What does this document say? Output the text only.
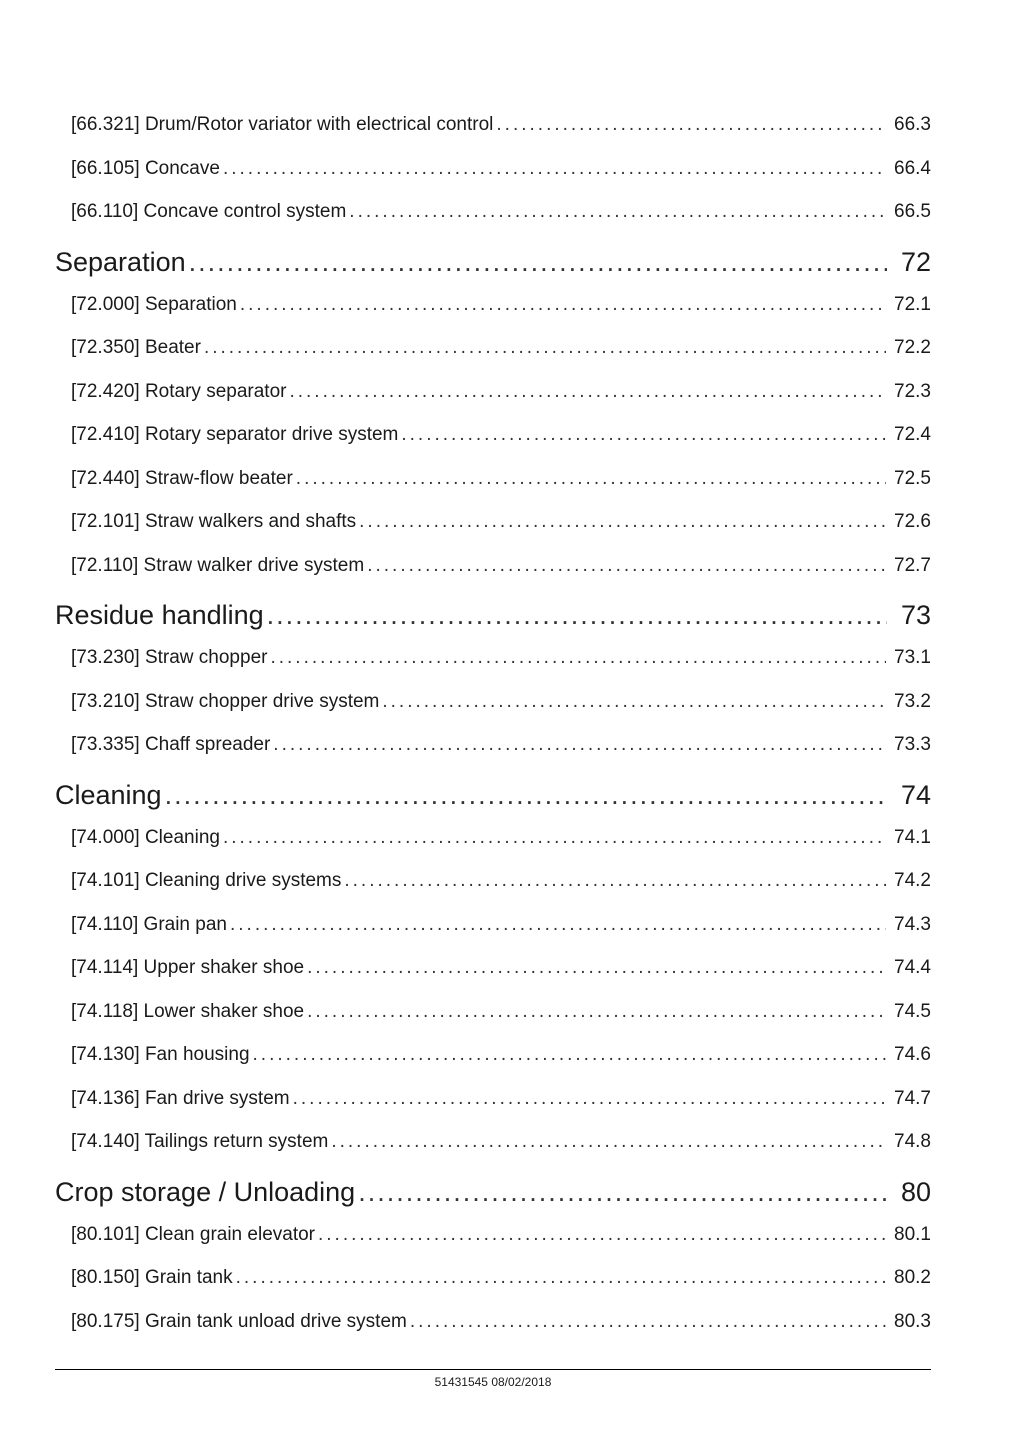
[66.321] Drum/Rotor variator with electrical control .....	66.3
[66.105] Concave .....	66.4
[66.110] Concave control system .....	66.5
Separation .....	72
[72.000] Separation .....	72.1
[72.350] Beater .....	72.2
[72.420] Rotary separator .....	72.3
[72.410] Rotary separator drive system .....	72.4
[72.440] Straw-flow beater .....	72.5
[72.101] Straw walkers and shafts .....	72.6
[72.110] Straw walker drive system .....	72.7
Residue handling .....	73
[73.230] Straw chopper .....	73.1
[73.210] Straw chopper drive system .....	73.2
[73.335] Chaff spreader .....	73.3
Cleaning .....	74
[74.000] Cleaning .....	74.1
[74.101] Cleaning drive systems .....	74.2
[74.110] Grain pan .....	74.3
[74.114] Upper shaker shoe .....	74.4
[74.118] Lower shaker shoe .....	74.5
[74.130] Fan housing .....	74.6
[74.136] Fan drive system .....	74.7
[74.140] Tailings return system .....	74.8
Crop storage / Unloading .....	80
[80.101] Clean grain elevator .....	80.1
[80.150] Grain tank .....	80.2
[80.175] Grain tank unload drive system .....	80.3
51431545 08/02/2018
